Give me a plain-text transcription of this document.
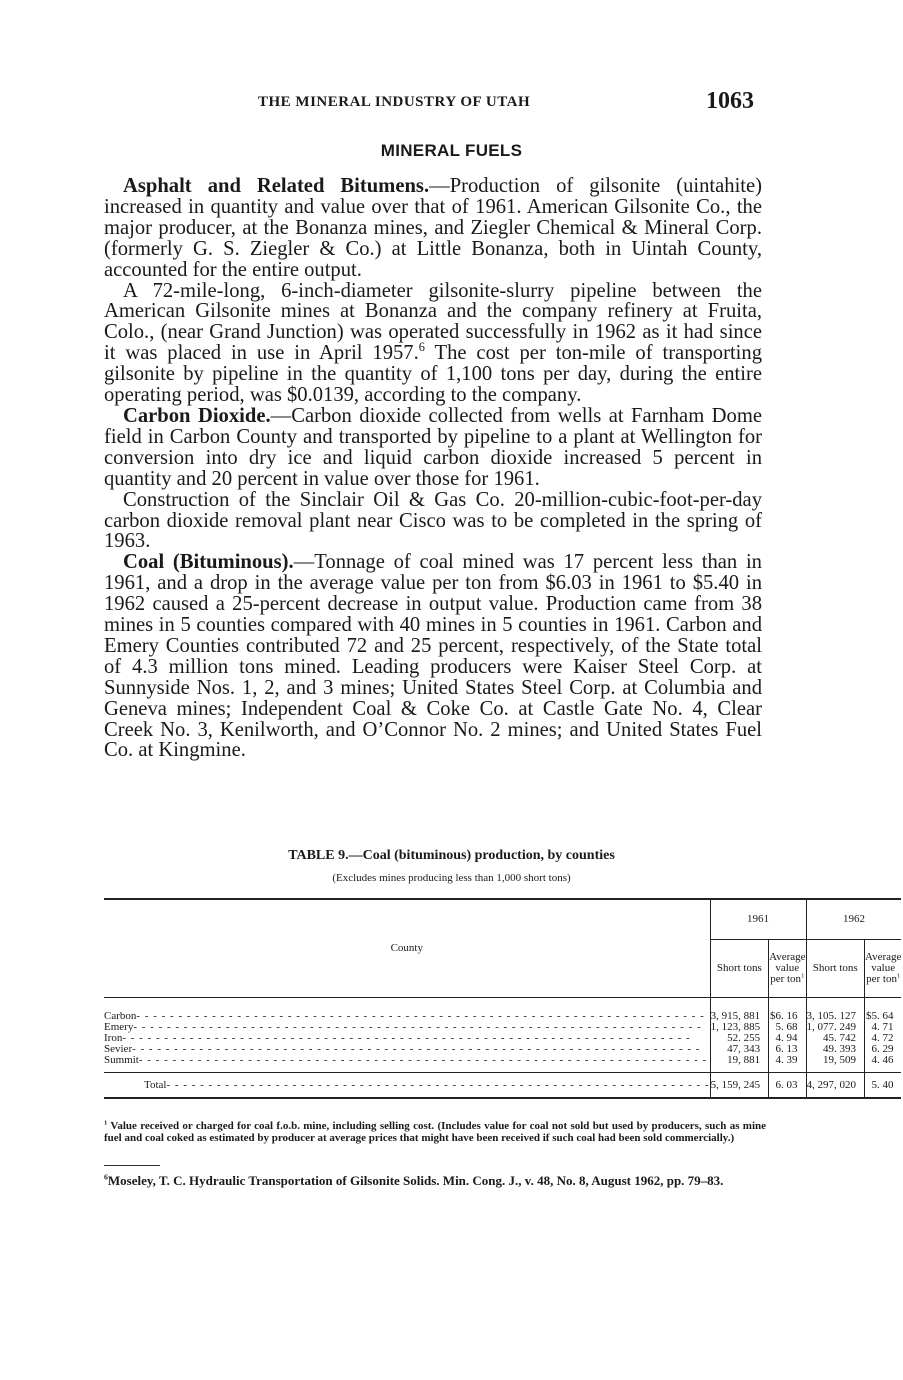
THE MINERAL INDUSTRY OF UTAH	1063
MINERAL FUELS

Asphalt and Related Bitumens.—Production of gilsonite (uintahite) increased in quantity and value over that of 1961. American Gilsonite Co., the major producer, at the Bonanza mines, and Ziegler Chemical & Mineral Corp. (formerly G. S. Ziegler & Co.) at Little Bonanza, both in Uintah County, accounted for the entire output.

A 72-mile-long, 6-inch-diameter gilsonite-slurry pipeline between the American Gilsonite mines at Bonanza and the company refinery at Fruita, Colo., (near Grand Junction) was operated successfully in 1962 as it had since it was placed in use in April 1957.$^6$ The cost per ton-mile of transporting gilsonite by pipeline in the quantity of 1,100 tons per day, during the entire operating period, was $0.0139, according to the company.

Carbon Dioxide.—Carbon dioxide collected from wells at Farnham Dome field in Carbon County and transported by pipeline to a plant at Wellington for conversion into dry ice and liquid carbon dioxide increased 5 percent in quantity and 20 percent in value over those for 1961.

Construction of the Sinclair Oil & Gas Co. 20-million-cubic-foot-per-day carbon dioxide removal plant near Cisco was to be completed in the spring of 1963.

Coal (Bituminous).—Tonnage of coal mined was 17 percent less than in 1961, and a drop in the average value per ton from $6.03 in 1961 to $5.40 in 1962 caused a 25-percent decrease in output value. Production came from 38 mines in 5 counties compared with 40 mines in 5 counties in 1961. Carbon and Emery Counties contributed 72 and 25 percent, respectively, of the State total of 4.3 million tons mined. Leading producers were Kaiser Steel Corp. at Sunnyside Nos. 1, 2, and 3 mines; United States Steel Corp. at Columbia and Geneva mines; Independent Coal & Coke Co. at Castle Gate No. 4, Clear Creek No. 3, Kenilworth, and O’Connor No. 2 mines; and United States Fuel Co. at Kingmine.

TABLE 9.—Coal (bituminous) production, by counties
(Excludes mines producing less than 1,000 short tons)
County	1961		1962	
	Short tons	Average value per ton$^1$	Short tons	Average value per ton$^1$

Carbon- - - - - - - - - - - - - - - - - - - - - - - - - - - - - - - - - - - - - - - - - - - - - - - - - - - - - - - - - - - - - - - - - - - -	3, 915, 881	$6. 16	3, 105. 127	$5. 64
Emery- - - - - - - - - - - - - - - - - - - - - - - - - - - - - - - - - - - - - - - - - - - - - - - - - - - - - - - - - - - - - - - - - - - -	1, 123, 885	5. 68	1, 077. 249	4. 71
Iron- - - - - - - - - - - - - - - - - - - - - - - - - - - - - - - - - - - - - - - - - - - - - - - - - - - - - - - - - - - - - - - - - - - -	52. 255	4. 94	45. 742	4. 72
Sevier- - - - - - - - - - - - - - - - - - - - - - - - - - - - - - - - - - - - - - - - - - - - - - - - - - - - - - - - - - - - - - - - - - - -	47, 343	6. 13	49. 393	6. 29
Summit- - - - - - - - - - - - - - - - - - - - - - - - - - - - - - - - - - - - - - - - - - - - - - - - - - - - - - - - - - - - - - - - - - - -	19, 881	4. 39	19, 509	4. 46

Total- - - - - - - - - - - - - - - - - - - - - - - - - - - - - - - - - - - - - - - - - - - - - - - - - - - - - - - - - - - - - - - - -	5, 159, 245	6. 03	4, 297, 020	5. 40
$^1$ Value received or charged for coal f.o.b. mine, including selling cost. (Includes value for coal not sold but used by producers, such as mine fuel and coal coked as estimated by producer at average prices that might have been received if such coal had been sold commercially.)
$^6$Moseley, T. C. Hydraulic Transportation of Gilsonite Solids. Min. Cong. J., v. 48, No. 8, August 1962, pp. 79–83.
